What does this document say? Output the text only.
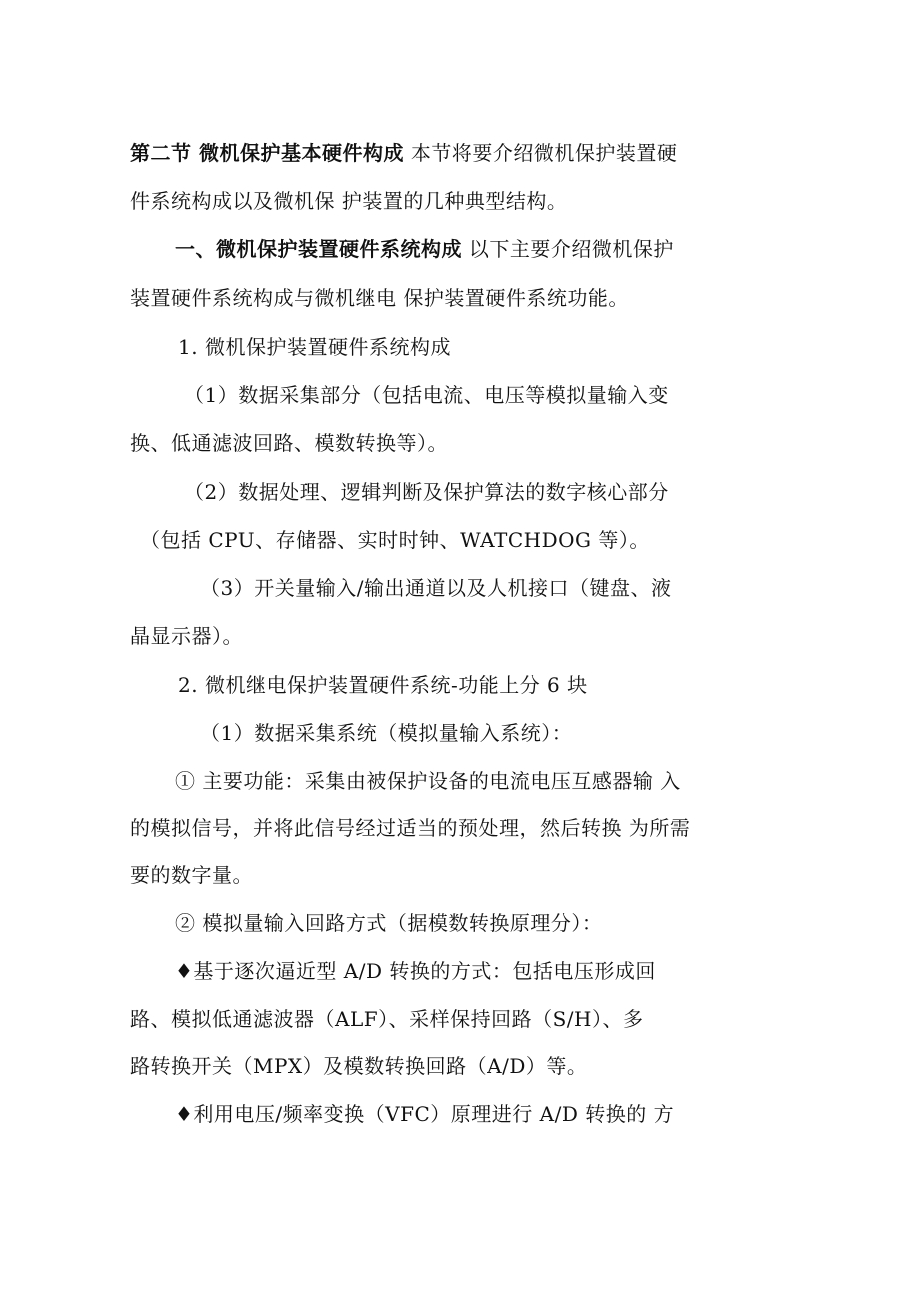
第二节 微机保护基本硬件构成 本节将要介绍微机保护装置硬
件系统构成以及微机保 护装置的几种典型结构。
一、微机保护装置硬件系统构成 以下主要介绍微机保护
装置硬件系统构成与微机继电 保护装置硬件系统功能。
1. 微机保护装置硬件系统构成
（1）数据采集部分（包括电流、电压等模拟量输入变
换、低通滤波回路、模数转换等）。
（2）数据处理、逻辑判断及保护算法的数字核心部分
（包括 CPU、存储器、实时时钟、WATCHDOG 等）。
（3）开关量输入/输出通道以及人机接口（键盘、液
晶显示器）。
2. 微机继电保护装置硬件系统-功能上分 6 块
（1）数据采集系统（模拟量输入系统）：
① 主要功能：采集由被保护设备的电流电压互感器输 入
的模拟信号，并将此信号经过适当的预处理，然后转换 为所需
要的数字量。
② 模拟量输入回路方式（据模数转换原理分）：
♦基于逐次逼近型 A/D 转换的方式：包括电压形成回
路、模拟低通滤波器（ALF）、采样保持回路（S/H）、多
路转换开关（MPX）及模数转换回路（A/D）等。
♦利用电压/频率变换（VFC）原理进行 A/D 转换的 方
